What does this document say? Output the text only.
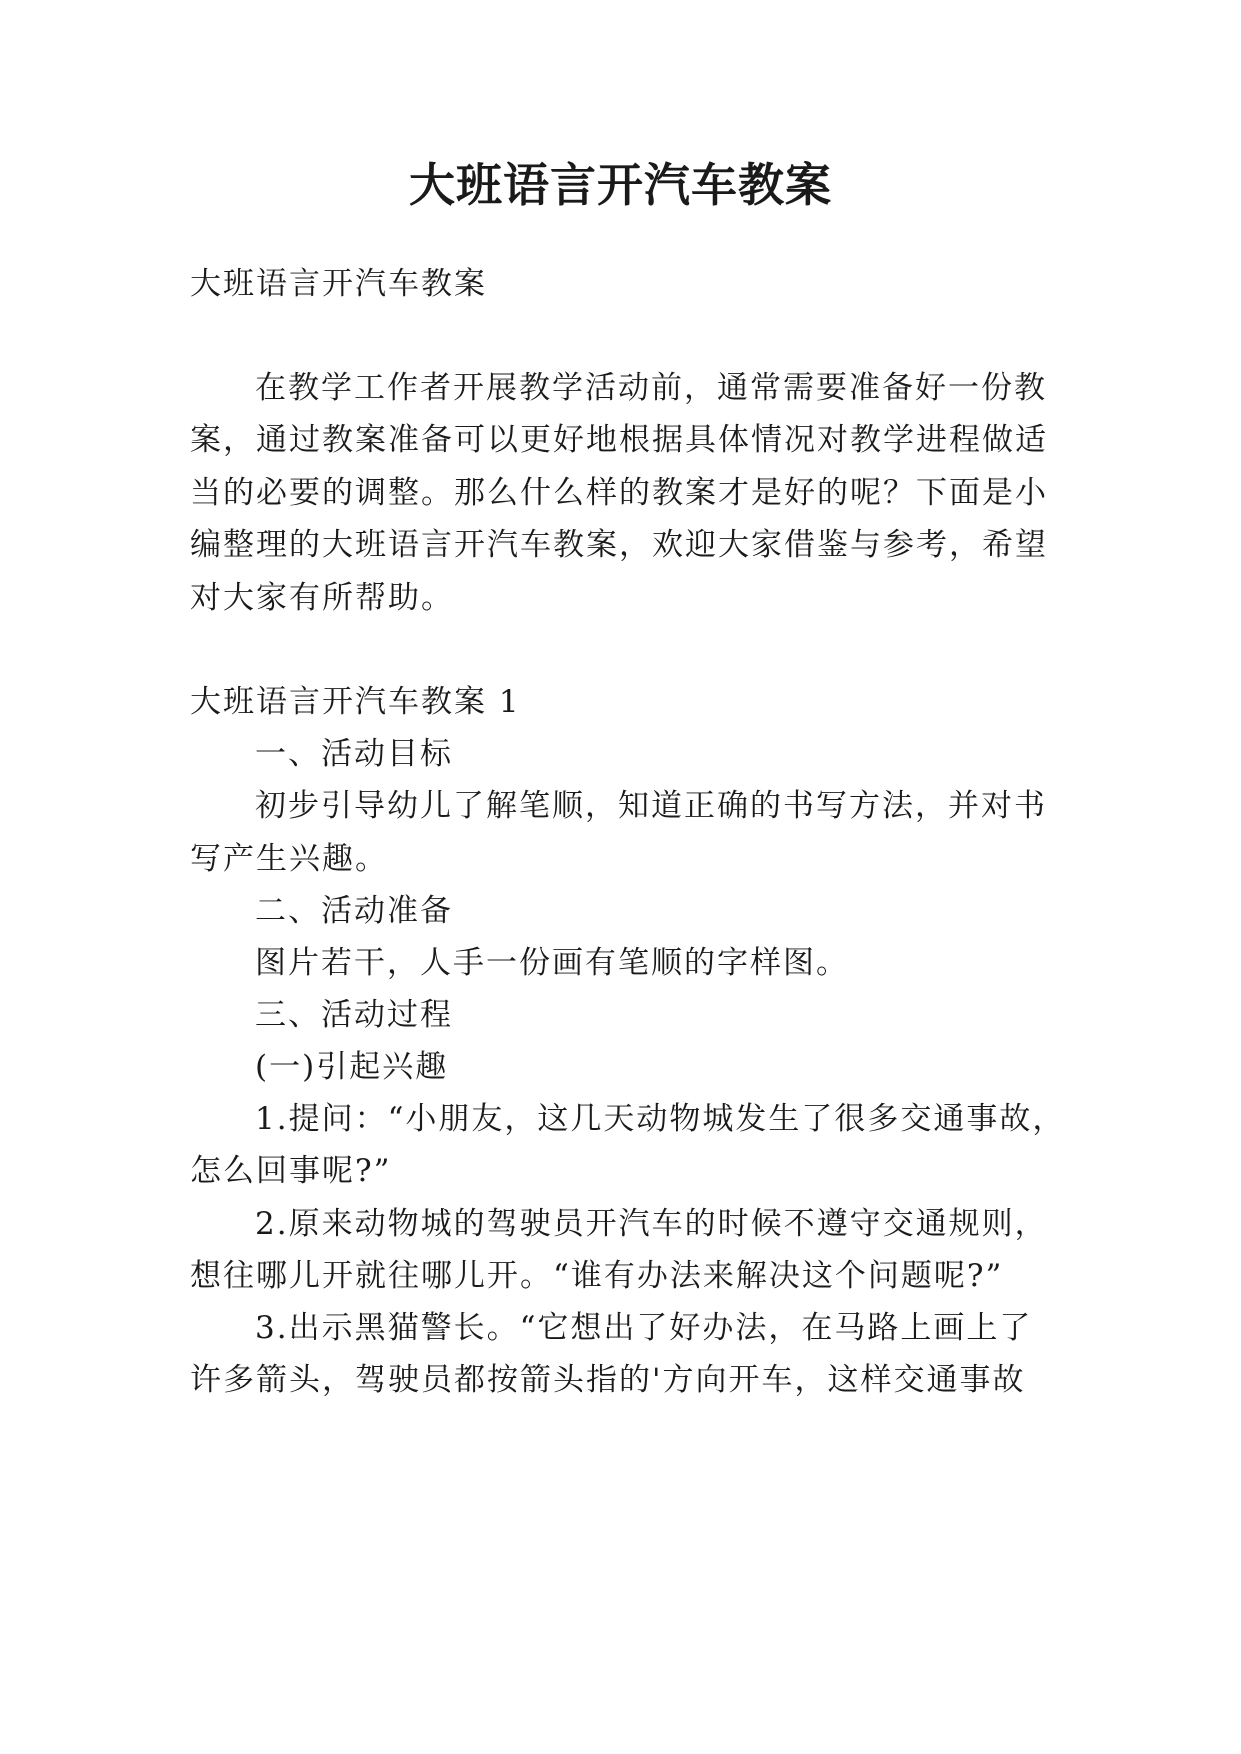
大班语言开汽车教案

大班语言开汽车教案

在教学工作者开展教学活动前，通常需要准备好一份教

案，通过教案准备可以更好地根据具体情况对教学进程做适

当的必要的调整。那么什么样的教案才是好的呢？下面是小

编整理的大班语言开汽车教案，欢迎大家借鉴与参考，希望

对大家有所帮助。

大班语言开汽车教案 1

一、活动目标

初步引导幼儿了解笔顺，知道正确的书写方法，并对书

写产生兴趣。

二、活动准备

图片若干，人手一份画有笔顺的字样图。

三、活动过程

(一)引起兴趣

1.提问：“小朋友，这几天动物城发生了很多交通事故，

怎么回事呢?”

2.原来动物城的驾驶员开汽车的时候不遵守交通规则，

想往哪儿开就往哪儿开。“谁有办法来解决这个问题呢?”

3.出示黑猫警长。“它想出了好办法，在马路上画上了

许多箭头，驾驶员都按箭头指的'方向开车，这样交通事故
